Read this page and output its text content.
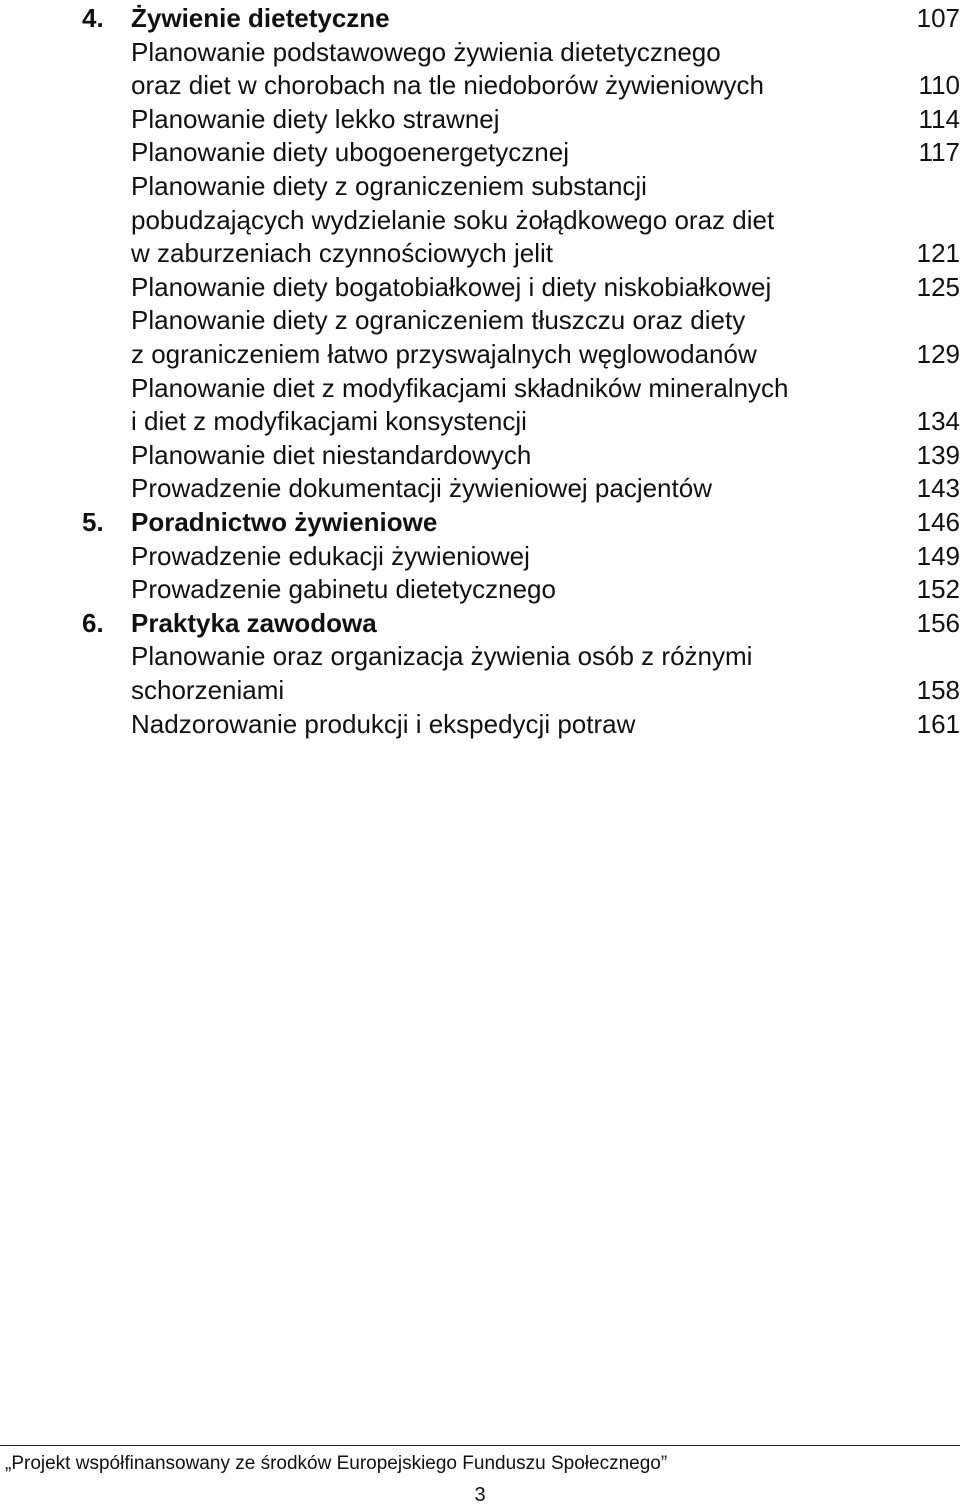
4. Żywienie dietetyczne	107
Planowanie podstawowego żywienia dietetycznego
oraz diet w chorobach na tle niedoborów żywieniowych	110
Planowanie diety lekko strawnej	114
Planowanie diety ubogoenergetycznej	117
Planowanie diety z ograniczeniem substancji
pobudzających wydzielanie soku żołądkowego oraz diet
w zaburzeniach czynnościowych jelit	121
Planowanie diety bogatobiałkowej i diety niskobiałkowej	125
Planowanie diety z ograniczeniem tłuszczu oraz diety
z ograniczeniem łatwo przyswajalnych węglowodanów	129
Planowanie diet z modyfikacjami składników mineralnych
i diet z modyfikacjami konsystencji	134
Planowanie diet niestandardowych	139
Prowadzenie dokumentacji żywieniowej pacjentów	143
5. Poradnictwo żywieniowe	146
Prowadzenie edukacji żywieniowej	149
Prowadzenie gabinetu dietetycznego	152
6. Praktyka zawodowa	156
Planowanie oraz organizacja żywienia osób z różnymi
schorzeniami	158
Nadzorowanie produkcji i ekspedycji potraw	161
„Projekt współfinansowany ze środków Europejskiego Funduszu Społecznego”
3
